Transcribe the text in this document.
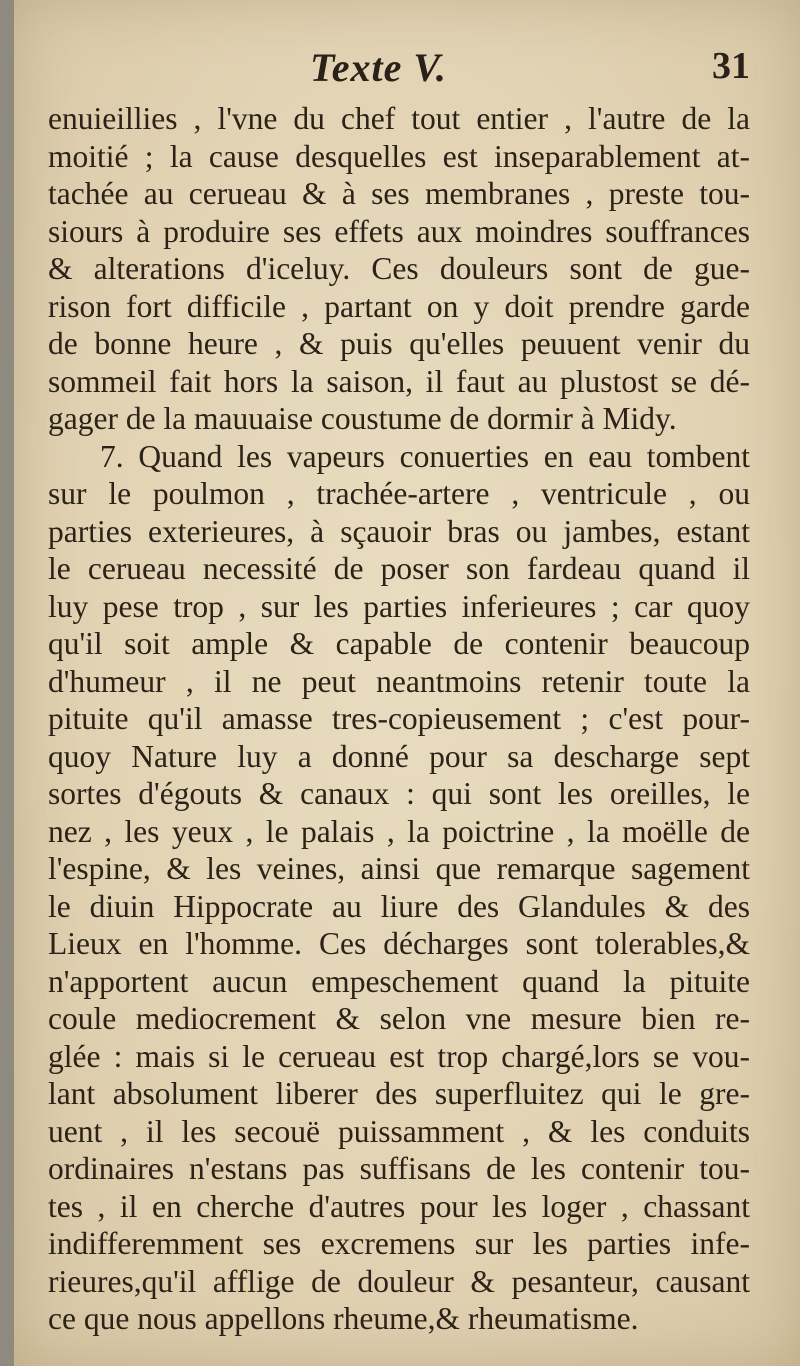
Texte V.	31
enuieillies , l'vne du chef tout entier , l'autre de la
moitié ; la cause desquelles est inseparablement at-
tachée au cerueau & à ses membranes , preste tou-
siours à produire ses effets aux moindres souffrances
& alterations d'iceluy. Ces douleurs sont de gue-
rison fort difficile , partant on y doit prendre garde
de bonne heure , & puis qu'elles peuuent venir du
sommeil fait hors la saison, il faut au plustost se dé-
gager de la mauuaise coustume de dormir à Midy.
7. Quand les vapeurs conuerties en eau tombent
sur le poulmon , trachée-artere , ventricule , ou
parties exterieures, à sçauoir bras ou jambes, estant
le cerueau necessité de poser son fardeau quand il
luy pese trop , sur les parties inferieures ; car quoy
qu'il soit ample & capable de contenir beaucoup
d'humeur , il ne peut neantmoins retenir toute la
pituite qu'il amasse tres-copieusement ; c'est pour-
quoy Nature luy a donné pour sa descharge sept
sortes d'égouts & canaux : qui sont les oreilles, le
nez , les yeux , le palais , la poictrine , la moëlle de
l'espine, & les veines, ainsi que remarque sagement
le diuin Hippocrate au liure des Glandules & des
Lieux en l'homme. Ces décharges sont tolerables,&
n'apportent aucun empeschement quand la pituite
coule mediocrement & selon vne mesure bien re-
glée : mais si le cerueau est trop chargé,lors se vou-
lant absolument liberer des superfluitez qui le gre-
uent , il les secouë puissamment , & les conduits
ordinaires n'estans pas suffisans de les contenir tou-
tes , il en cherche d'autres pour les loger , chassant
indifferemment ses excremens sur les parties infe-
rieures,qu'il afflige de douleur & pesanteur, causant
ce que nous appellons rheume,& rheumatisme.
